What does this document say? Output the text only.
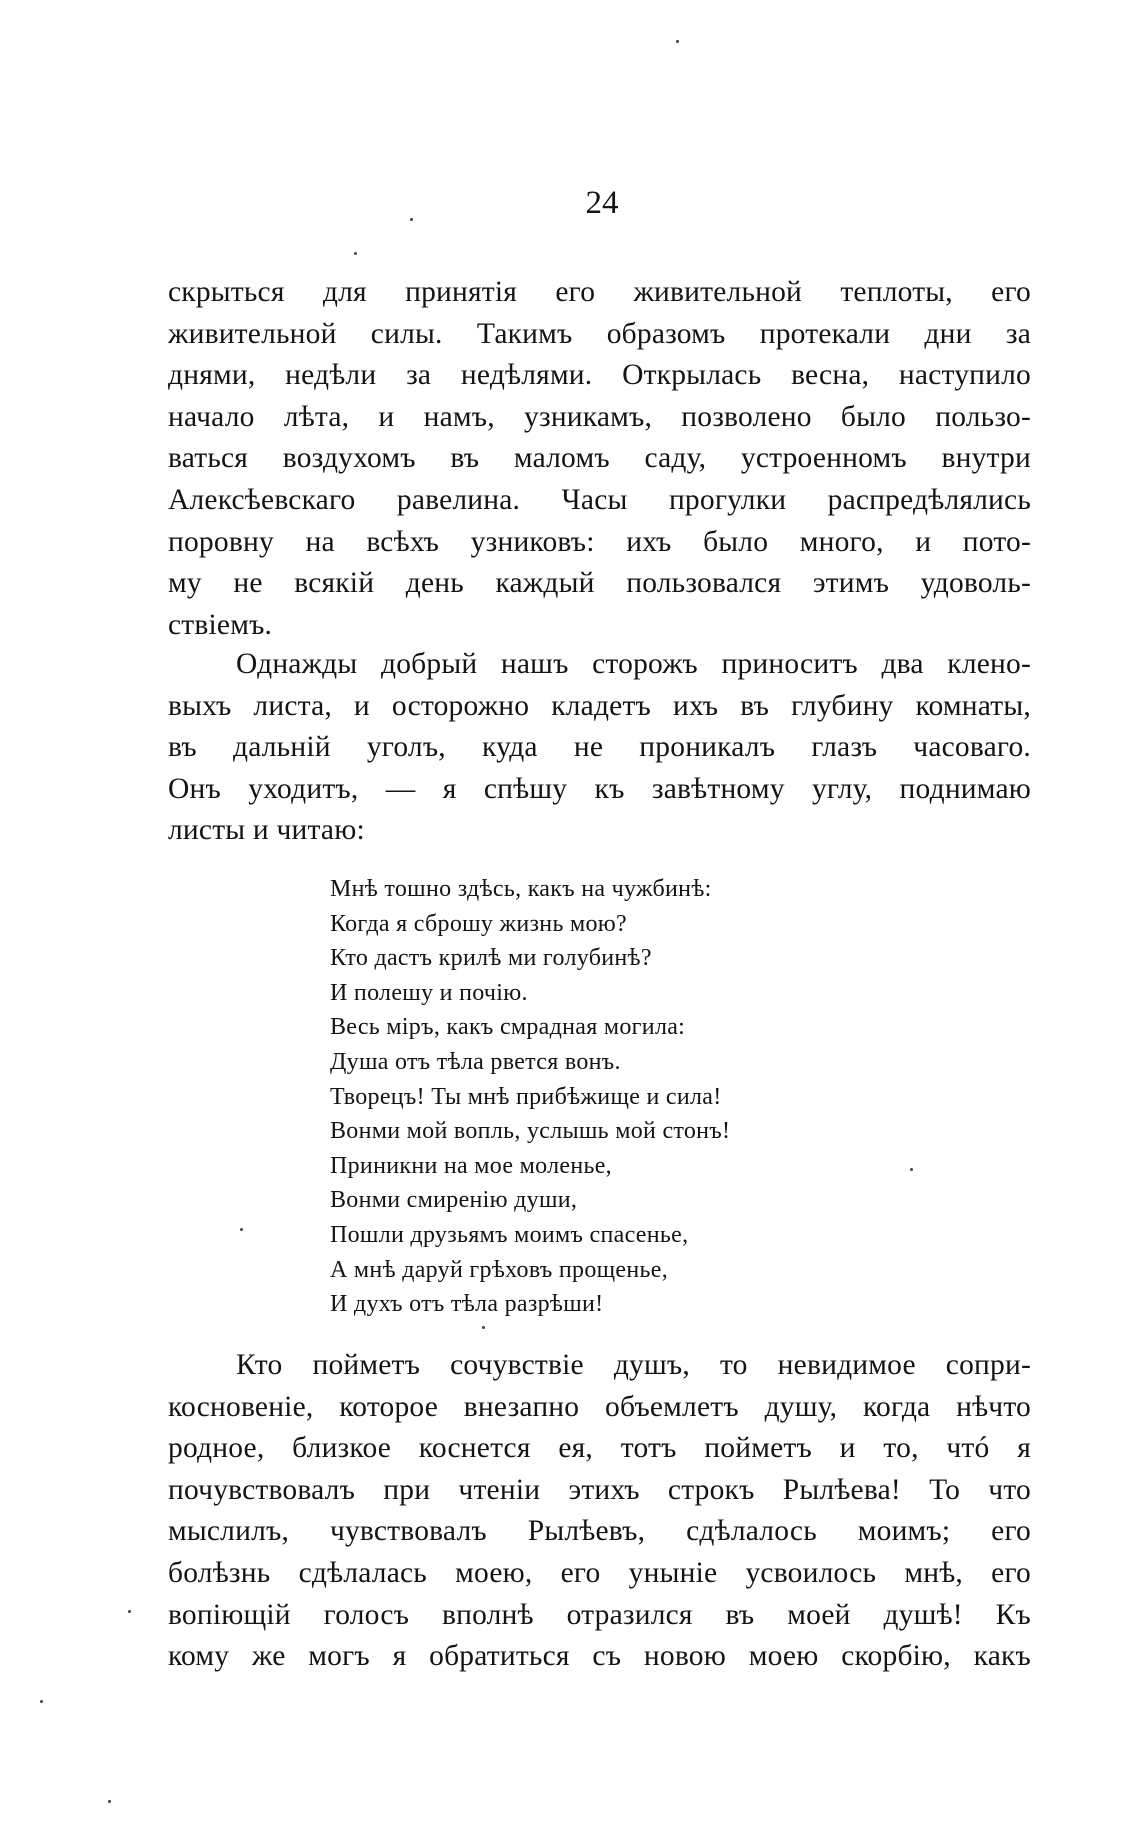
24
скрыться для принятія его живительной теплоты, его
живительной силы. Такимъ образомъ протекали дни за
днями, недѣли за недѣлями. Открылась весна, наступило
начало лѣта, и намъ, узникамъ, позволено было пользо-
ваться воздухомъ въ маломъ саду, устроенномъ внутри
Алексѣевскаго равелина. Часы прогулки распредѣлялись
поровну на всѣхъ узниковъ: ихъ было много, и пото-
му не всякій день каждый пользовался этимъ удоволь-
ствіемъ.
Однажды добрый нашъ сторожъ приноситъ два клено-
выхъ листа, и осторожно кладетъ ихъ въ глубину комнаты,
въ дальній уголъ, куда не проникалъ глазъ часоваго.
Онъ уходитъ, — я спѣшу къ завѣтному углу, поднимаю
листы и читаю:
Мнѣ тошно здѣсь, какъ на чужбинѣ:
Когда я сброшу жизнь мою?
Кто дастъ крилѣ ми голубинѣ?
И полешу и почію.
Весь міръ, какъ смрадная могила:
Душа отъ тѣла рвется вонъ.
Творецъ! Ты мнѣ прибѣжище и сила!
Вонми мой вопль, услышь мой стонъ!
Приникни на мое моленье,
Вонми смиренію души,
Пошли друзьямъ моимъ спасенье,
А мнѣ даруй грѣховъ прощенье,
И духъ отъ тѣла разрѣши!
Кто пойметъ сочувствіе душъ, то невидимое сопри-
косновеніе, которое внезапно объемлетъ душу, когда нѣчто
родное, близкое коснется ея, тотъ пойметъ и то, чтó я
почувствовалъ при чтеніи этихъ строкъ Рылѣева! То что
мыслилъ, чувствовалъ Рылѣевъ, сдѣлалось моимъ; его
болѣзнь сдѣлалась моею, его уныніе усвоилось мнѣ, его
вопіющій голосъ вполнѣ отразился въ моей душѣ! Къ
кому же могъ я обратиться съ новою моею скорбію, какъ
